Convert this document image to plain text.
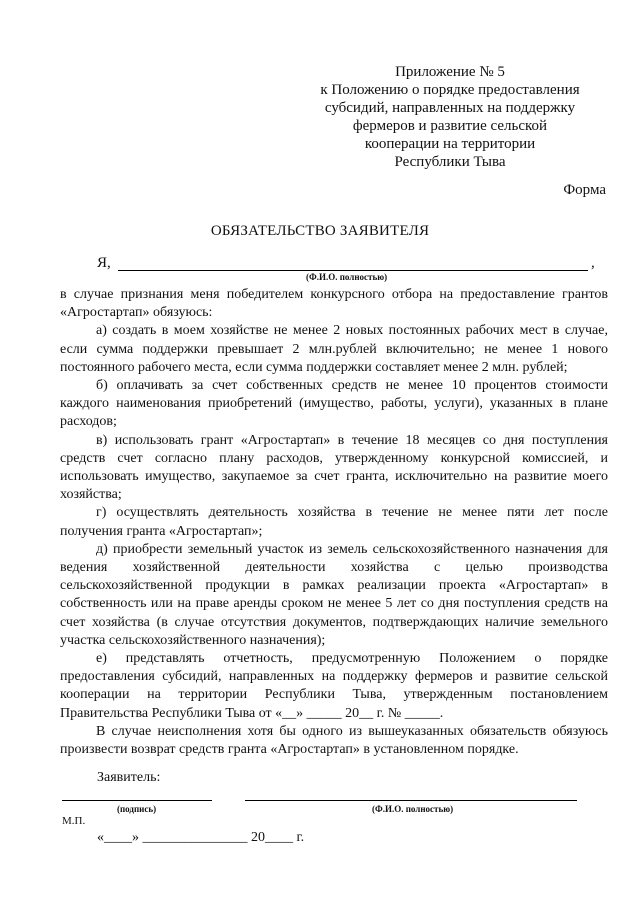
Приложение № 5
к Положению о порядке предоставления
субсидий, направленных на поддержку
фермеров и развитие сельской
кооперации на территории
Республики Тыва
Форма
ОБЯЗАТЕЛЬСТВО ЗАЯВИТЕЛЯ
Я,	,
(Ф.И.О. полностью)

в случае признания меня победителем конкурсного отбора на предоставление грантов «Агростартап» обязуюсь:

а) создать в моем хозяйстве не менее 2 новых постоянных рабочих мест в случае, если сумма поддержки превышает 2 млн.рублей включительно; не менее 1 нового постоянного рабочего места, если сумма поддержки составляет менее 2 млн. рублей;

б) оплачивать за счет собственных средств не менее 10 процентов стоимости каждого наименования приобретений (имущество, работы, услуги), указанных в плане расходов;

в) использовать грант «Агростартап» в течение 18 месяцев со дня поступления средств счет согласно плану расходов, утвержденному конкурсной комиссией, и использовать имущество, закупаемое за счет гранта, исключительно на развитие моего хозяйства;

г) осуществлять деятельность хозяйства в течение не менее пяти лет после получения гранта «Агростартап»;

д) приобрести земельный участок из земель сельскохозяйственного назначения для ведения хозяйственной деятельности хозяйства с целью производства сельскохозяйственной продукции в рамках реализации проекта «Агростартап» в собственность или на праве аренды сроком не менее 5 лет со дня поступления средств на счет хозяйства (в случае отсутствия документов, подтверждающих наличие земельного участка сельскохозяйственного назначения);

е) представлять отчетность, предусмотренную Положением о порядке предоставления субсидий, направленных на поддержку фермеров и развитие сельской кооперации на территории Республики Тыва, утвержденным постановлением Правительства Республики Тыва от «__» _____ 20__ г. № _____.

В случае неисполнения хотя бы одного из вышеуказанных обязательств обязуюсь произвести возврат средств гранта «Агростартап» в установленном порядке.

Заявитель:
(подпись)	(Ф.И.О. полностью)
М.П.
«____» _______________ 20____ г.
